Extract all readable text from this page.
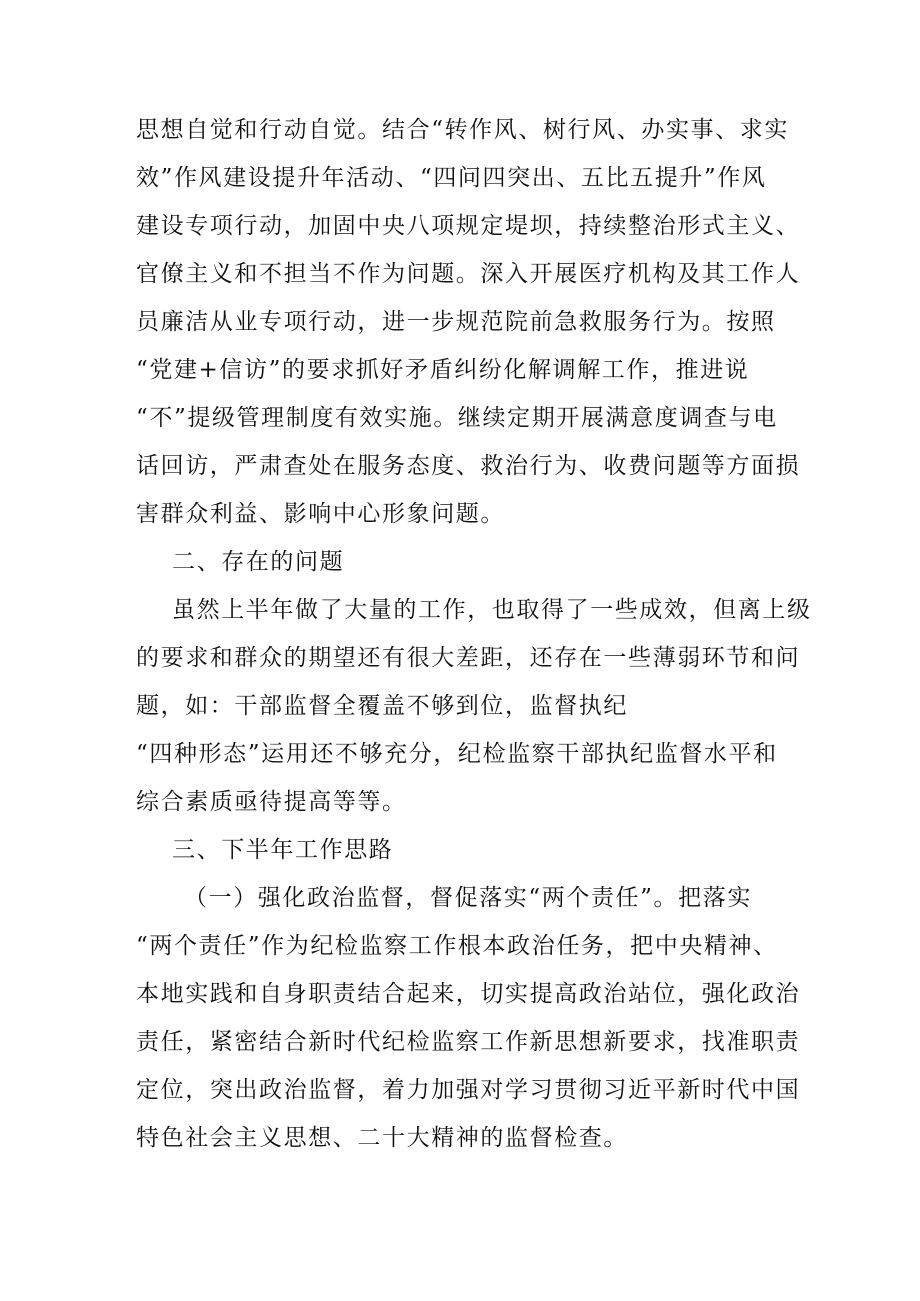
思想自觉和行动自觉。结合“转作风、树行风、办实事、求实
效”作风建设提升年活动、“四问四突出、五比五提升”作风
建设专项行动，加固中央八项规定堤坝，持续整治形式主义、
官僚主义和不担当不作为问题。深入开展医疗机构及其工作人
员廉洁从业专项行动，进一步规范院前急救服务行为。按照
“党建+信访”的要求抓好矛盾纠纷化解调解工作，推进说
“不”提级管理制度有效实施。继续定期开展满意度调查与电
话回访，严肃查处在服务态度、救治行为、收费问题等方面损
害群众利益、影响中心形象问题。
二、存在的问题
虽然上半年做了大量的工作，也取得了一些成效，但离上级
的要求和群众的期望还有很大差距，还存在一些薄弱环节和问
题，如：干部监督全覆盖不够到位，监督执纪
“四种形态”运用还不够充分，纪检监察干部执纪监督水平和
综合素质亟待提高等等。
三、下半年工作思路
（一）强化政治监督，督促落实“两个责任”。把落实
“两个责任”作为纪检监察工作根本政治任务，把中央精神、
本地实践和自身职责结合起来，切实提高政治站位，强化政治
责任，紧密结合新时代纪检监察工作新思想新要求，找准职责
定位，突出政治监督，着力加强对学习贯彻习近平新时代中国
特色社会主义思想、二十大精神的监督检查。
